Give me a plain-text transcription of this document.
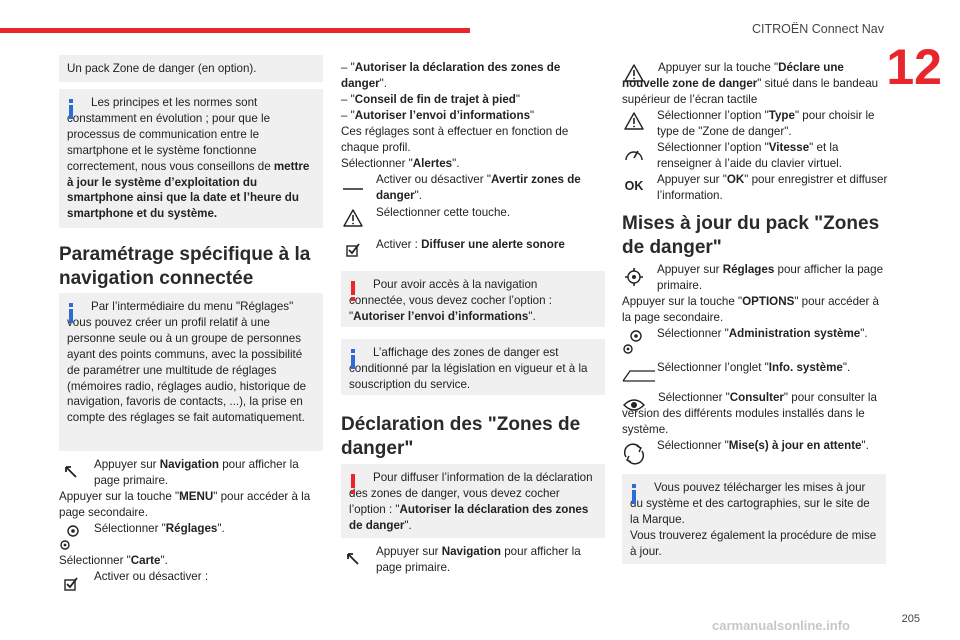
CITROËN Connect Nav
12
205
carmanualsonline.info

Un pack Zone de danger (en option).

Les principes et les normes sont constamment en évolution ; pour que le processus de communication entre le smartphone et le système fonctionne correctement, nous vous conseillons de mettre à jour le système d’exploitation du smartphone ainsi que la date et l’heure du smartphone et du système.

Paramétrage spécifique à la navigation connectée

Par l’intermédiaire du menu "Réglages" vous pouvez créer un profil relatif à une personne seule ou à un groupe de personnes ayant des points communs, avec la possibilité de paramétrer une multitude de réglages (mémoires radio, réglages audio, historique de navigation, favoris de contacts, ...), la prise en compte des réglages se fait automatiquement.

Appuyer sur Navigation pour afficher la page primaire.

Appuyer sur la touche "MENU" pour accéder à la page secondaire.

Sélectionner "Réglages".

Sélectionner "Carte".

Activer ou désactiver :

– "Autoriser la déclaration des zones de danger".

– "Conseil de fin de trajet à pied"

– "Autoriser l’envoi d’informations"

Ces réglages sont à effectuer en fonction de chaque profil.

Sélectionner "Alertes".

Activer ou désactiver "Avertir zones de danger".

Sélectionner cette touche.

Activer : Diffuser une alerte sonore

Pour avoir accès à la navigation connectée, vous devez cocher l’option : "Autoriser l’envoi d’informations".

L’affichage des zones de danger est conditionné par la législation en vigueur et à la souscription du service.

Déclaration des "Zones de danger"

Pour diffuser l’information de la déclaration des zones de danger, vous devez cocher l’option : "Autoriser la déclaration des zones de danger".

Appuyer sur Navigation pour afficher la page primaire.

Appuyer sur la touche "Déclare une nouvelle zone de danger" situé dans le bandeau supérieur de l’écran tactile

Sélectionner l’option "Type" pour choisir le type de "Zone de danger".

Sélectionner l’option "Vitesse" et la renseigner à l’aide du clavier virtuel.

OK Appuyer sur "OK" pour enregistrer et diffuser l’information.

Mises à jour du pack "Zones de danger"

Appuyer sur Réglages pour afficher la page primaire.

Appuyer sur la touche "OPTIONS" pour accéder à la page secondaire.

Sélectionner "Administration système".

Sélectionner l’onglet "Info. système".

Sélectionner "Consulter" pour consulter la version des différents modules installés dans le système.

Sélectionner "Mise(s) à jour en attente".

Vous pouvez télécharger les mises à jour du système et des cartographies, sur le site de la Marque.
Vous trouverez également la procédure de mise à jour.
